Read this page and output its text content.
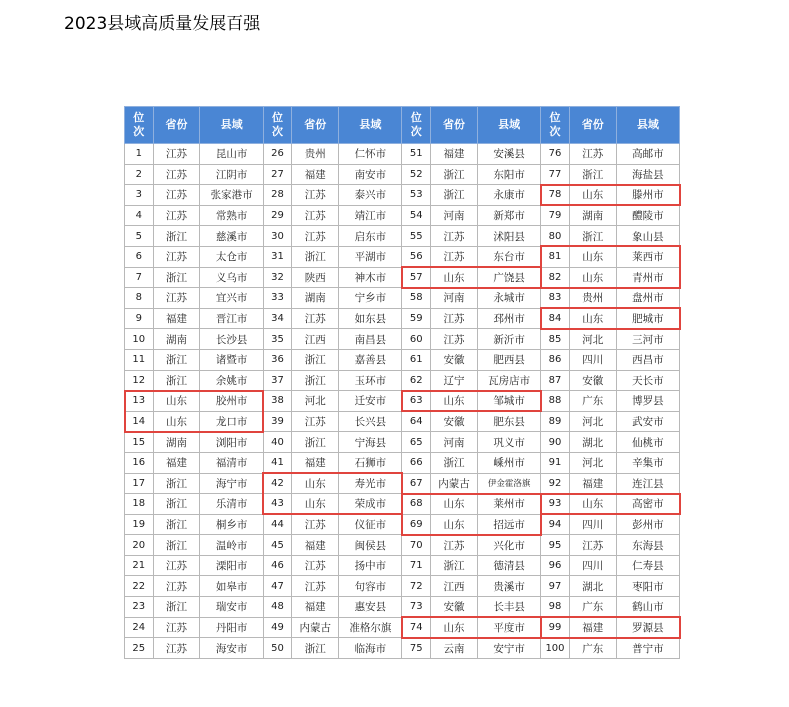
2023县域高质量发展百强
位次	省份	县域	位次	省份	县域	位次	省份	县域	位次	省份	县域
1	江苏	昆山市	26	贵州	仁怀市	51	福建	安溪县	76	江苏	高邮市
2	江苏	江阴市	27	福建	南安市	52	浙江	东阳市	77	浙江	海盐县
3	江苏	张家港市	28	江苏	泰兴市	53	浙江	永康市	78	山东	滕州市
4	江苏	常熟市	29	江苏	靖江市	54	河南	新郑市	79	湖南	醴陵市
5	浙江	慈溪市	30	江苏	启东市	55	江苏	沭阳县	80	浙江	象山县
6	江苏	太仓市	31	浙江	平湖市	56	江苏	东台市	81	山东	莱西市
7	浙江	义乌市	32	陕西	神木市	57	山东	广饶县	82	山东	青州市
8	江苏	宜兴市	33	湖南	宁乡市	58	河南	永城市	83	贵州	盘州市
9	福建	晋江市	34	江苏	如东县	59	江苏	邳州市	84	山东	肥城市
10	湖南	长沙县	35	江西	南昌县	60	江苏	新沂市	85	河北	三河市
11	浙江	诸暨市	36	浙江	嘉善县	61	安徽	肥西县	86	四川	西昌市
12	浙江	余姚市	37	浙江	玉环市	62	辽宁	瓦房店市	87	安徽	天长市
13	山东	胶州市	38	河北	迁安市	63	山东	邹城市	88	广东	博罗县
14	山东	龙口市	39	江苏	长兴县	64	安徽	肥东县	89	河北	武安市
15	湖南	浏阳市	40	浙江	宁海县	65	河南	巩义市	90	湖北	仙桃市
16	福建	福清市	41	福建	石狮市	66	浙江	嵊州市	91	河北	辛集市
17	浙江	海宁市	42	山东	寿光市	67	内蒙古	伊金霍洛旗	92	福建	连江县
18	浙江	乐清市	43	山东	荣成市	68	山东	莱州市	93	山东	高密市
19	浙江	桐乡市	44	江苏	仪征市	69	山东	招远市	94	四川	彭州市
20	浙江	温岭市	45	福建	闽侯县	70	江苏	兴化市	95	江苏	东海县
21	江苏	溧阳市	46	江苏	扬中市	71	浙江	德清县	96	四川	仁寿县
22	江苏	如皋市	47	江苏	句容市	72	江西	贵溪市	97	湖北	枣阳市
23	浙江	瑞安市	48	福建	惠安县	73	安徽	长丰县	98	广东	鹤山市
24	江苏	丹阳市	49	内蒙古	准格尔旗	74	山东	平度市	99	福建	罗源县
25	江苏	海安市	50	浙江	临海市	75	云南	安宁市	100	广东	普宁市
